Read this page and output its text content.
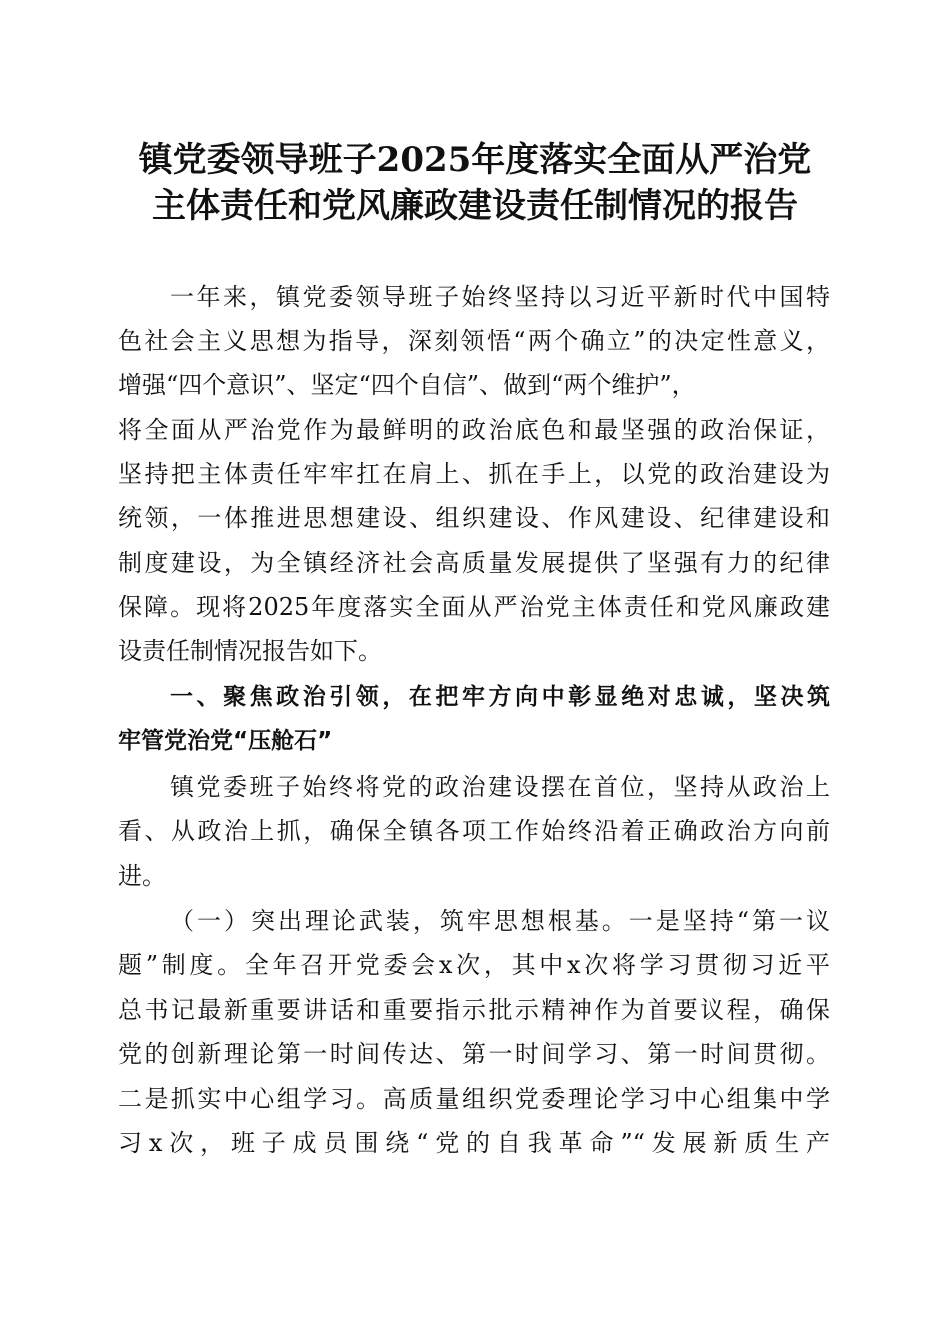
镇党委领导班子2025年度落实全面从严治党
主体责任和党风廉政建设责任制情况的报告
一年来，镇党委领导班子始终坚持以习近平新时代中国特
色社会主义思想为指导，深刻领悟“两个确立”的决定性意义，
增强“四个意识”、坚定“四个自信”、做到“两个维护”，
将全面从严治党作为最鲜明的政治底色和最坚强的政治保证，
坚持把主体责任牢牢扛在肩上、抓在手上，以党的政治建设为
统领，一体推进思想建设、组织建设、作风建设、纪律建设和
制度建设，为全镇经济社会高质量发展提供了坚强有力的纪律
保障。现将2025年度落实全面从严治党主体责任和党风廉政建
设责任制情况报告如下。
一、聚焦政治引领，在把牢方向中彰显绝对忠诚，坚决筑
牢管党治党“压舱石”
镇党委班子始终将党的政治建设摆在首位，坚持从政治上
看、从政治上抓，确保全镇各项工作始终沿着正确政治方向前
进。
（一）突出理论武装，筑牢思想根基。一是坚持“第一议
题”制度。全年召开党委会x次，其中x次将学习贯彻习近平
总书记最新重要讲话和重要指示批示精神作为首要议程，确保
党的创新理论第一时间传达、第一时间学习、第一时间贯彻。
二是抓实中心组学习。高质量组织党委理论学习中心组集中学
习x次，班子成员围绕“党的自我革命”“发展新质生产
